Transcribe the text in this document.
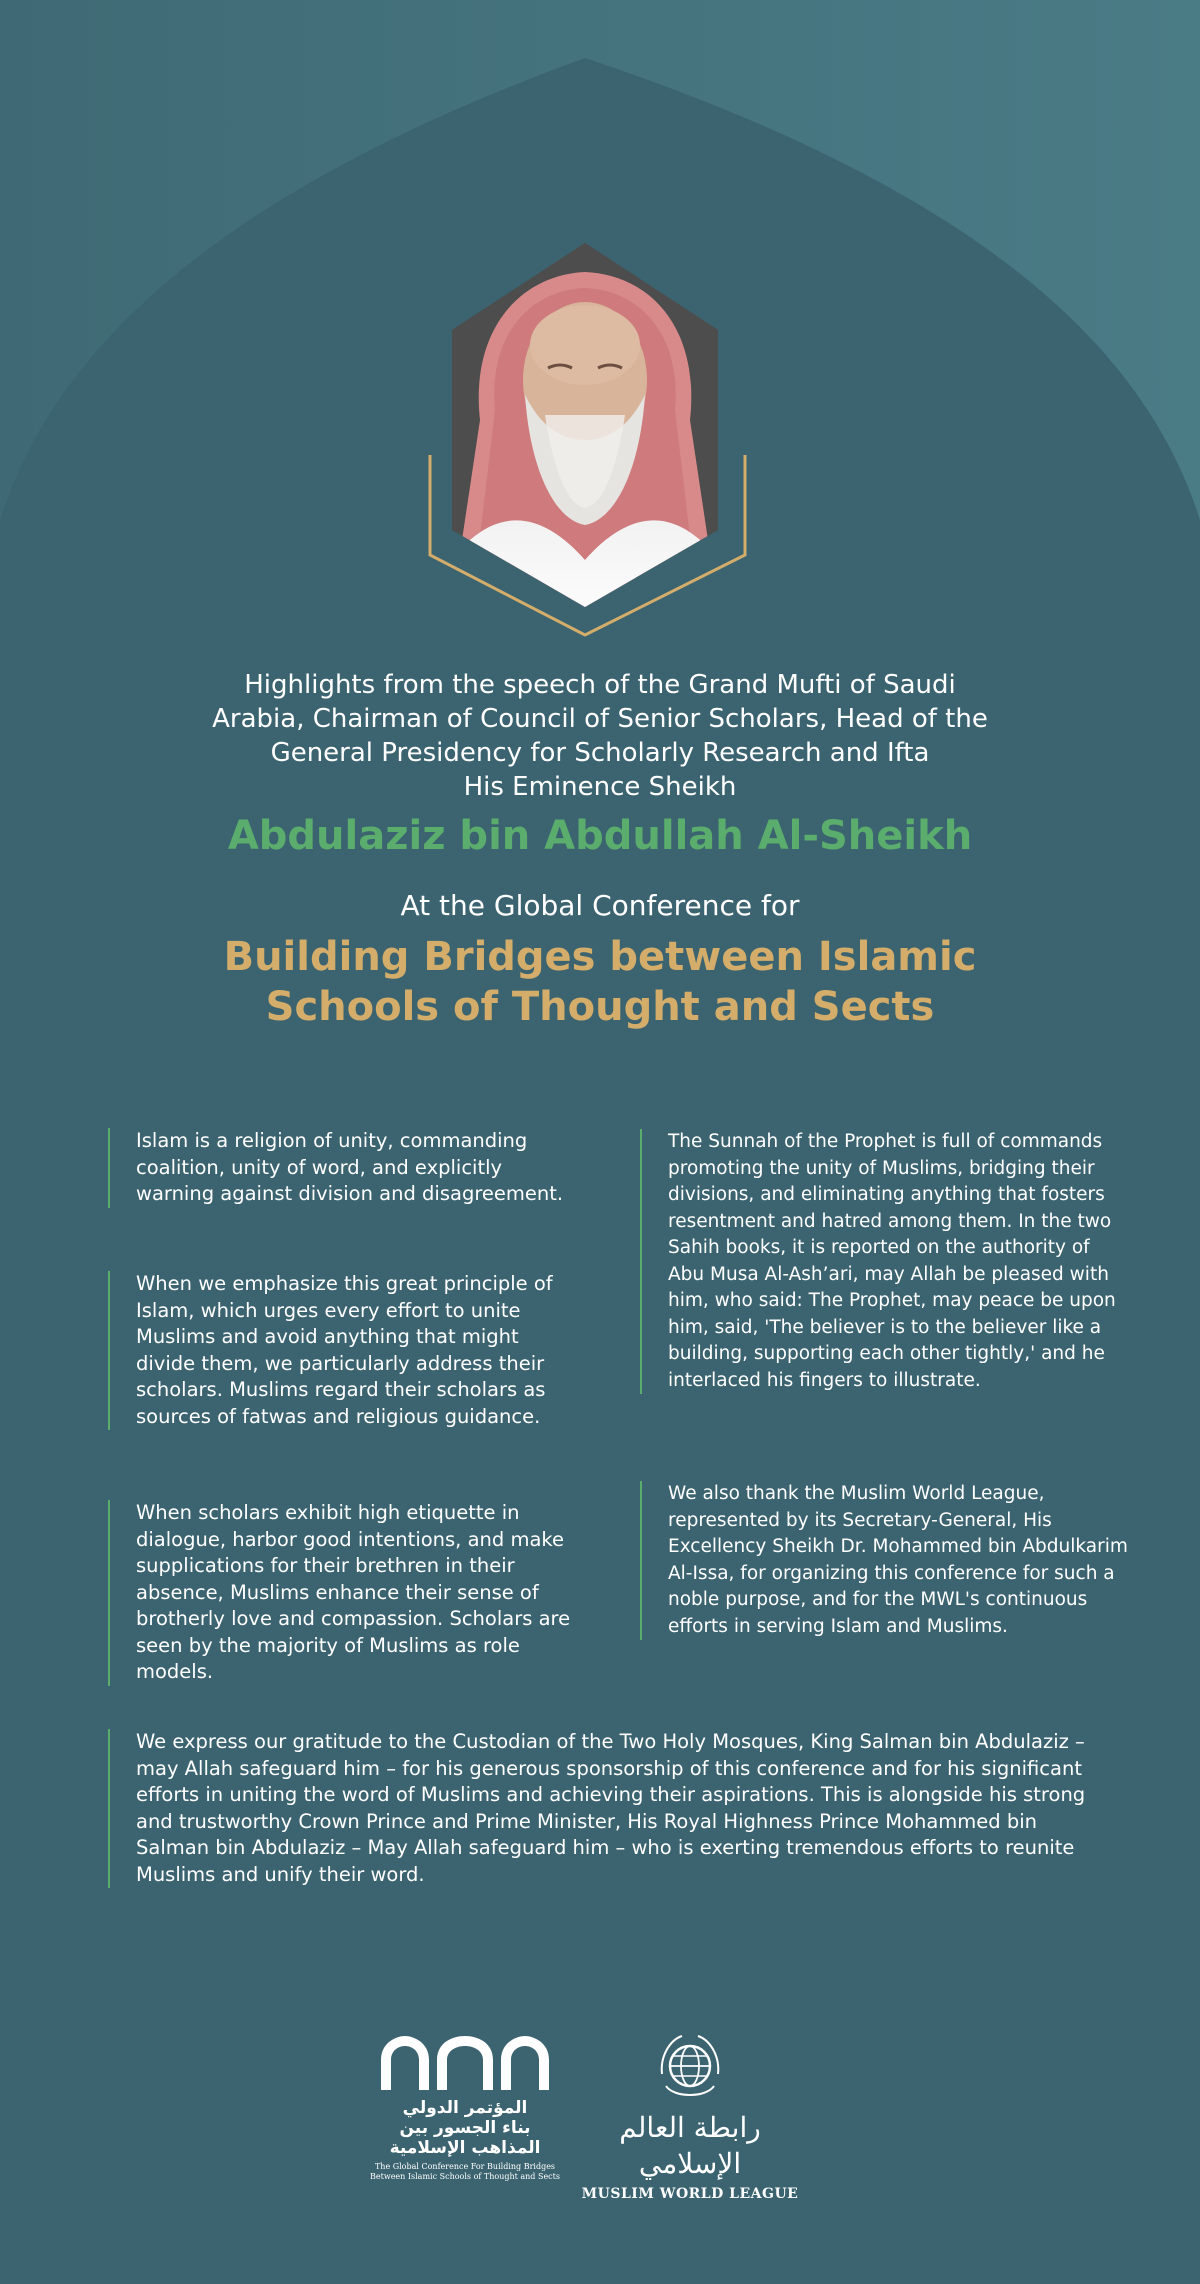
Highlights from the speech of the Grand Mufti of Saudi
Arabia, Chairman of Council of Senior Scholars, Head of the
General Presidency for Scholarly Research and Ifta
His Eminence Sheikh

Abdulaziz bin Abdullah Al-Sheikh

At the Global Conference for

Building Bridges between Islamic
Schools of Thought and Sects

Islam is a religion of unity, commanding coalition, unity of word, and explicitly warning against division and disagreement.

When we emphasize this great principle of Islam, which urges every effort to unite Muslims and avoid anything that might divide them, we particularly address their scholars. Muslims regard their scholars as sources of fatwas and religious guidance.

When scholars exhibit high etiquette in dialogue, harbor good intentions, and make supplications for their brethren in their absence, Muslims enhance their sense of brotherly love and compassion. Scholars are seen by the majority of Muslims as role models.

The Sunnah of the Prophet is full of commands promoting the unity of Muslims, bridging their divisions, and eliminating anything that fosters resentment and hatred among them. In the two Sahih books, it is reported on the authority of Abu Musa Al-Ash’ari, may Allah be pleased with him, who said: The Prophet, may peace be upon him, said, 'The believer is to the believer like a building, supporting each other tightly,' and he interlaced his fingers to illustrate.

We also thank the Muslim World League, represented by its Secretary-General, His Excellency Sheikh Dr. Mohammed bin Abdulkarim Al-Issa, for organizing this conference for such a noble purpose, and for the MWL's continuous efforts in serving Islam and Muslims.

We express our gratitude to the Custodian of the Two Holy Mosques, King Salman bin Abdulaziz – may Allah safeguard him – for his generous sponsorship of this conference and for his significant efforts in uniting the word of Muslims and achieving their aspirations. This is alongside his strong and trustworthy Crown Prince and Prime Minister, His Royal Highness Prince Mohammed bin Salman bin Abdulaziz – May Allah safeguard him – who is exerting tremendous efforts to reunite Muslims and unify their word.

المؤتمر الدولي
بناء الجسور بين
المذاهب الإسلامية

The Global Conference For Building Bridges
Between Islamic Schools of Thought and Sects

رابطة العالم الإسلامي

MUSLIM WORLD LEAGUE
